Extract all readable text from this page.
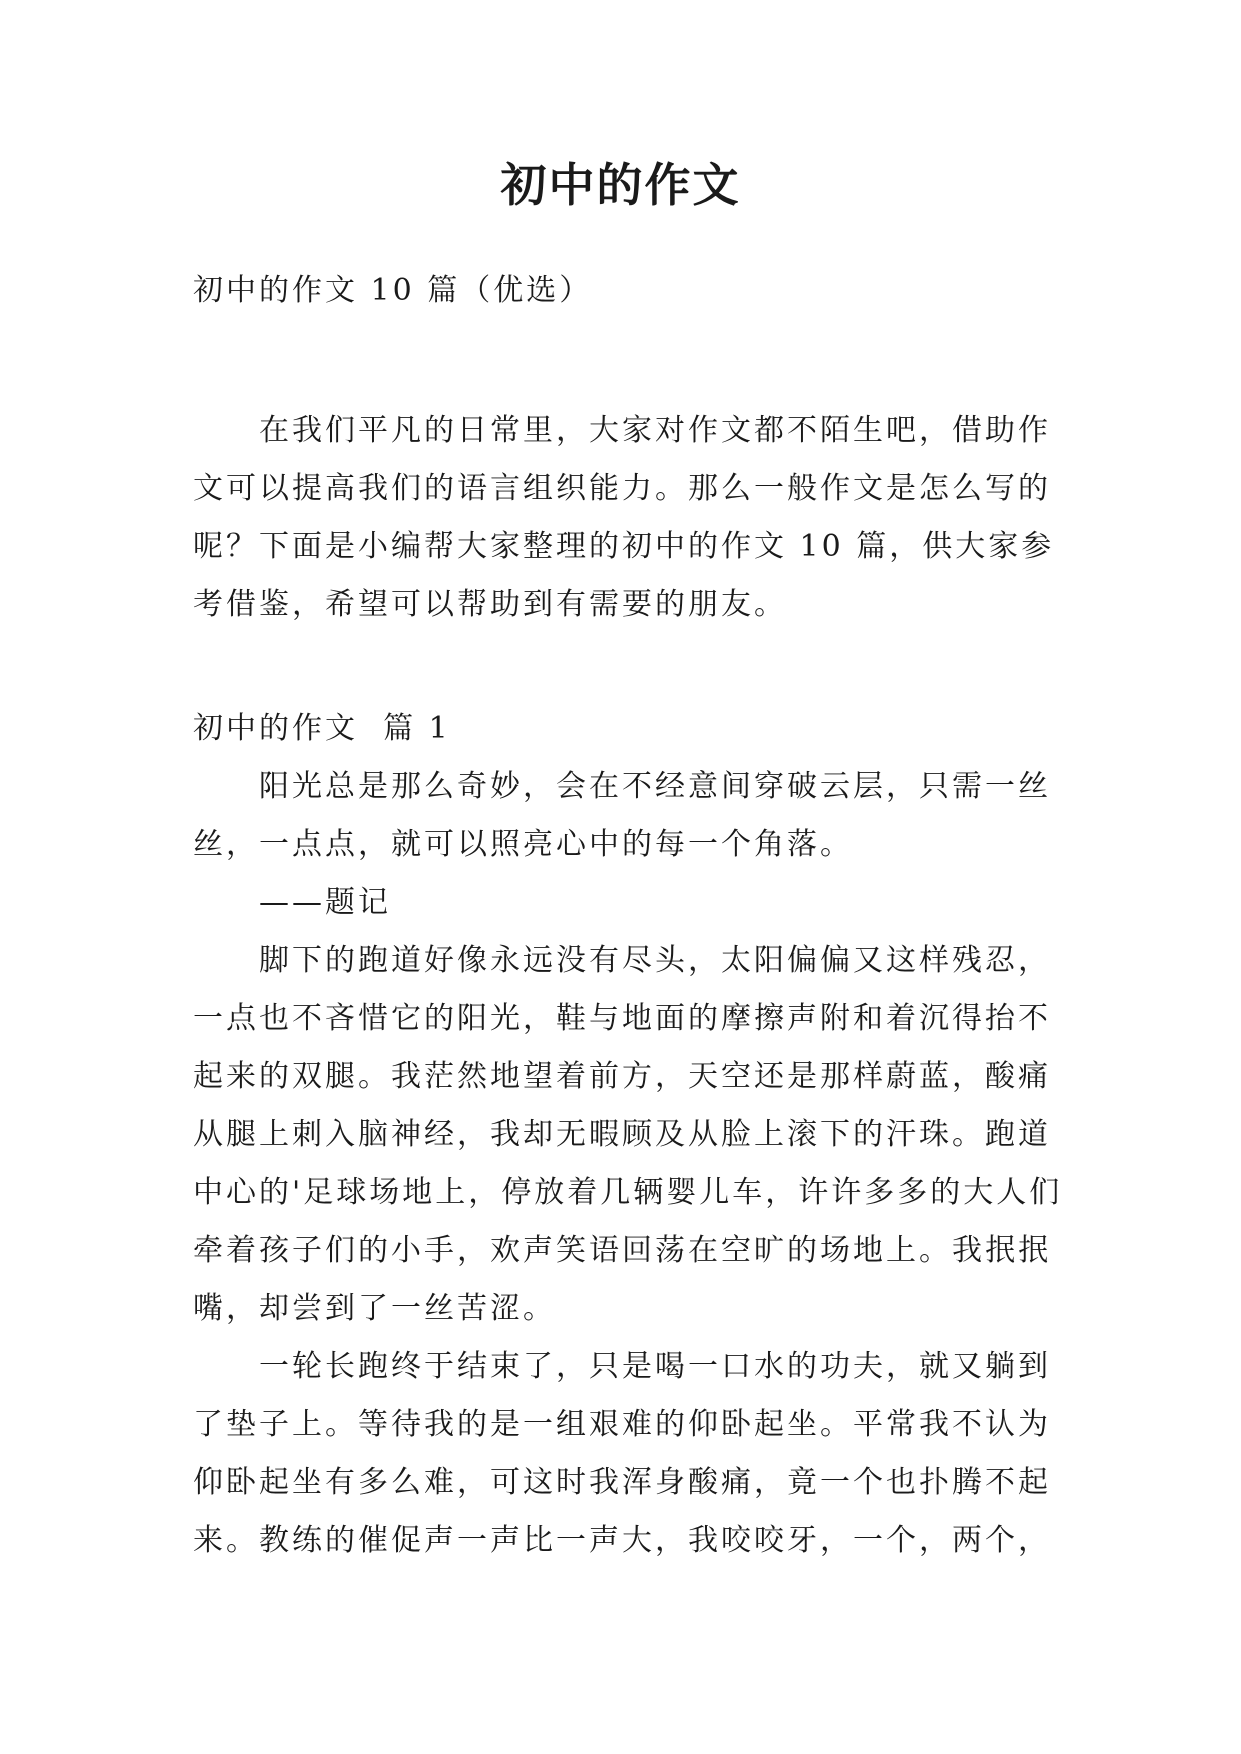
初中的作文

初中的作文 10 篇（优选）

在我们平凡的日常里，大家对作文都不陌生吧，借助作文可以提高我们的语言组织能力。那么一般作文是怎么写的呢？下面是小编帮大家整理的初中的作文 10 篇，供大家参考借鉴，希望可以帮助到有需要的朋友。

初中的作文  篇 1

阳光总是那么奇妙，会在不经意间穿破云层，只需一丝丝，一点点，就可以照亮心中的每一个角落。

——题记

脚下的跑道好像永远没有尽头，太阳偏偏又这样残忍，一点也不吝惜它的阳光，鞋与地面的摩擦声附和着沉得抬不起来的双腿。我茫然地望着前方，天空还是那样蔚蓝，酸痛从腿上刺入脑神经，我却无暇顾及从脸上滚下的汗珠。跑道中心的'足球场地上，停放着几辆婴儿车，许许多多的大人们牵着孩子们的小手，欢声笑语回荡在空旷的场地上。我抿抿嘴，却尝到了一丝苦涩。

一轮长跑终于结束了，只是喝一口水的功夫，就又躺到了垫子上。等待我的是一组艰难的仰卧起坐。平常我不认为仰卧起坐有多么难，可这时我浑身酸痛，竟一个也扑腾不起来。教练的催促声一声比一声大，我咬咬牙，一个，两个，
